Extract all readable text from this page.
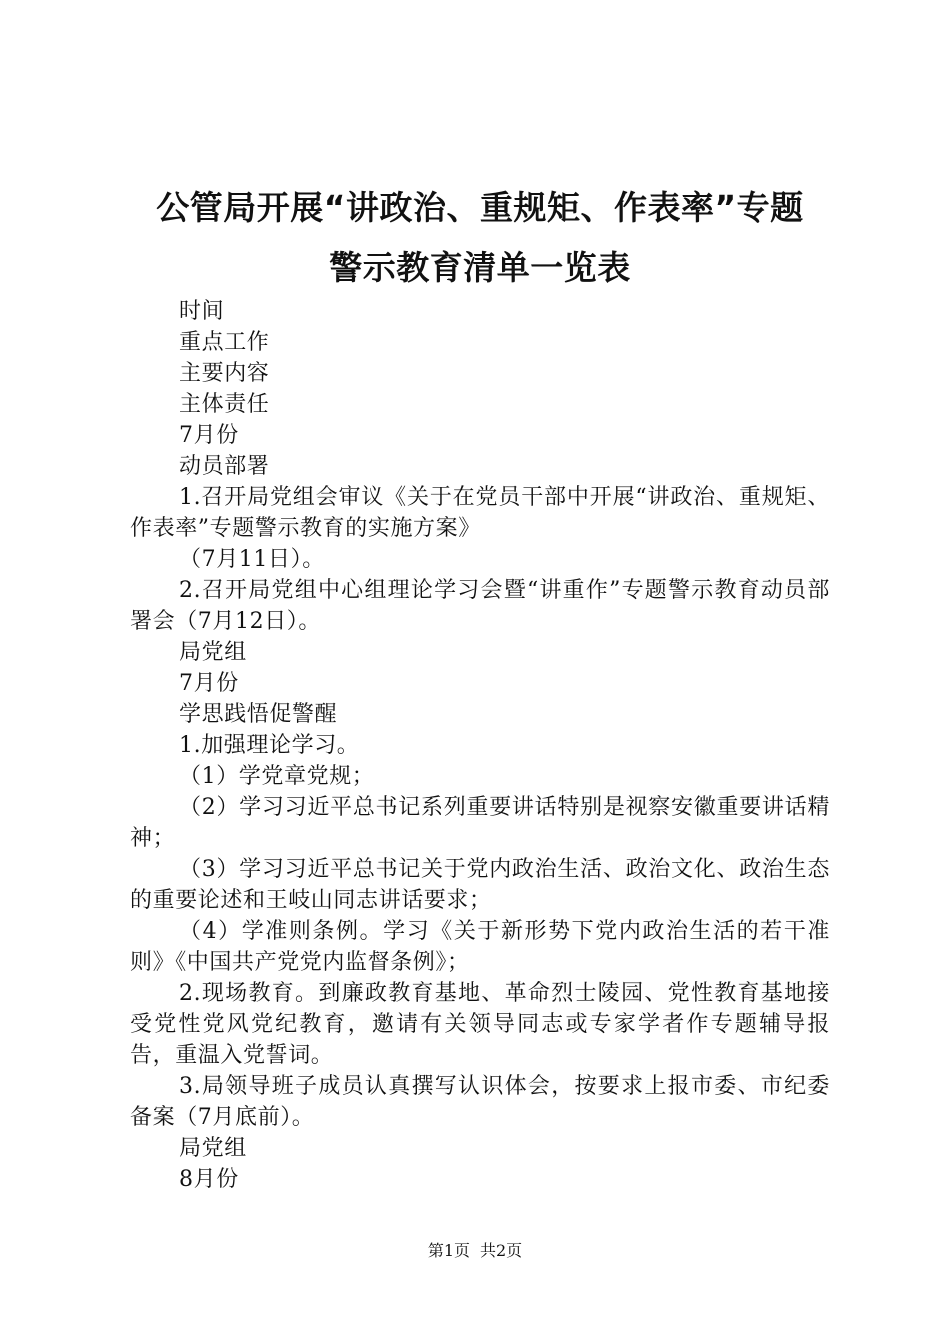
公管局开展“讲政治、重规矩、作表率”专题
警示教育清单一览表

时间

重点工作

主要内容

主体责任

7月份

动员部署

1.召开局党组会审议《关于在党员干部中开展“讲政治、重规矩、作表率”专题警示教育的实施方案》

（7月11日）。

2.召开局党组中心组理论学习会暨“讲重作”专题警示教育动员部署会（7月12日）。

局党组

7月份

学思践悟促警醒

1.加强理论学习。

（1）学党章党规；

（2）学习习近平总书记系列重要讲话特别是视察安徽重要讲话精神；

（3）学习习近平总书记关于党内政治生活、政治文化、政治生态的重要论述和王岐山同志讲话要求；

（4）学准则条例。学习《关于新形势下党内政治生活的若干准则》《中国共产党党内监督条例》；

2.现场教育。到廉政教育基地、革命烈士陵园、党性教育基地接受党性党风党纪教育，邀请有关领导同志或专家学者作专题辅导报告，重温入党誓词。

3.局领导班子成员认真撰写认识体会，按要求上报市委、市纪委备案（7月底前）。

局党组

8月份

第1页 共2页
